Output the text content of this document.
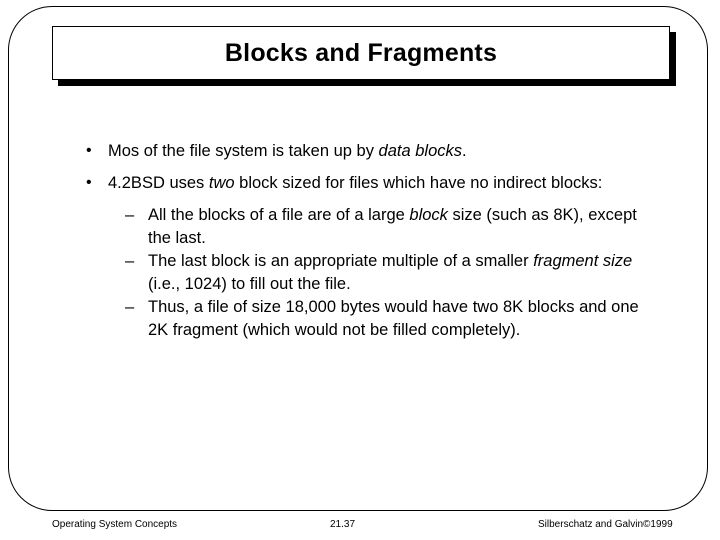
Blocks and Fragments
• Mos of the file system is taken up by data blocks.
• 4.2BSD uses two block sized for files which have no indirect blocks:
– All the blocks of a file are of a large block size (such as 8K), except the last.
– The last block is an appropriate multiple of a smaller fragment size (i.e., 1024) to fill out the file.
– Thus, a file of size 18,000 bytes would have two 8K blocks and one 2K fragment (which would not be filled completely).
Operating System Concepts	21.37	Silberschatz and Galvin©1999
